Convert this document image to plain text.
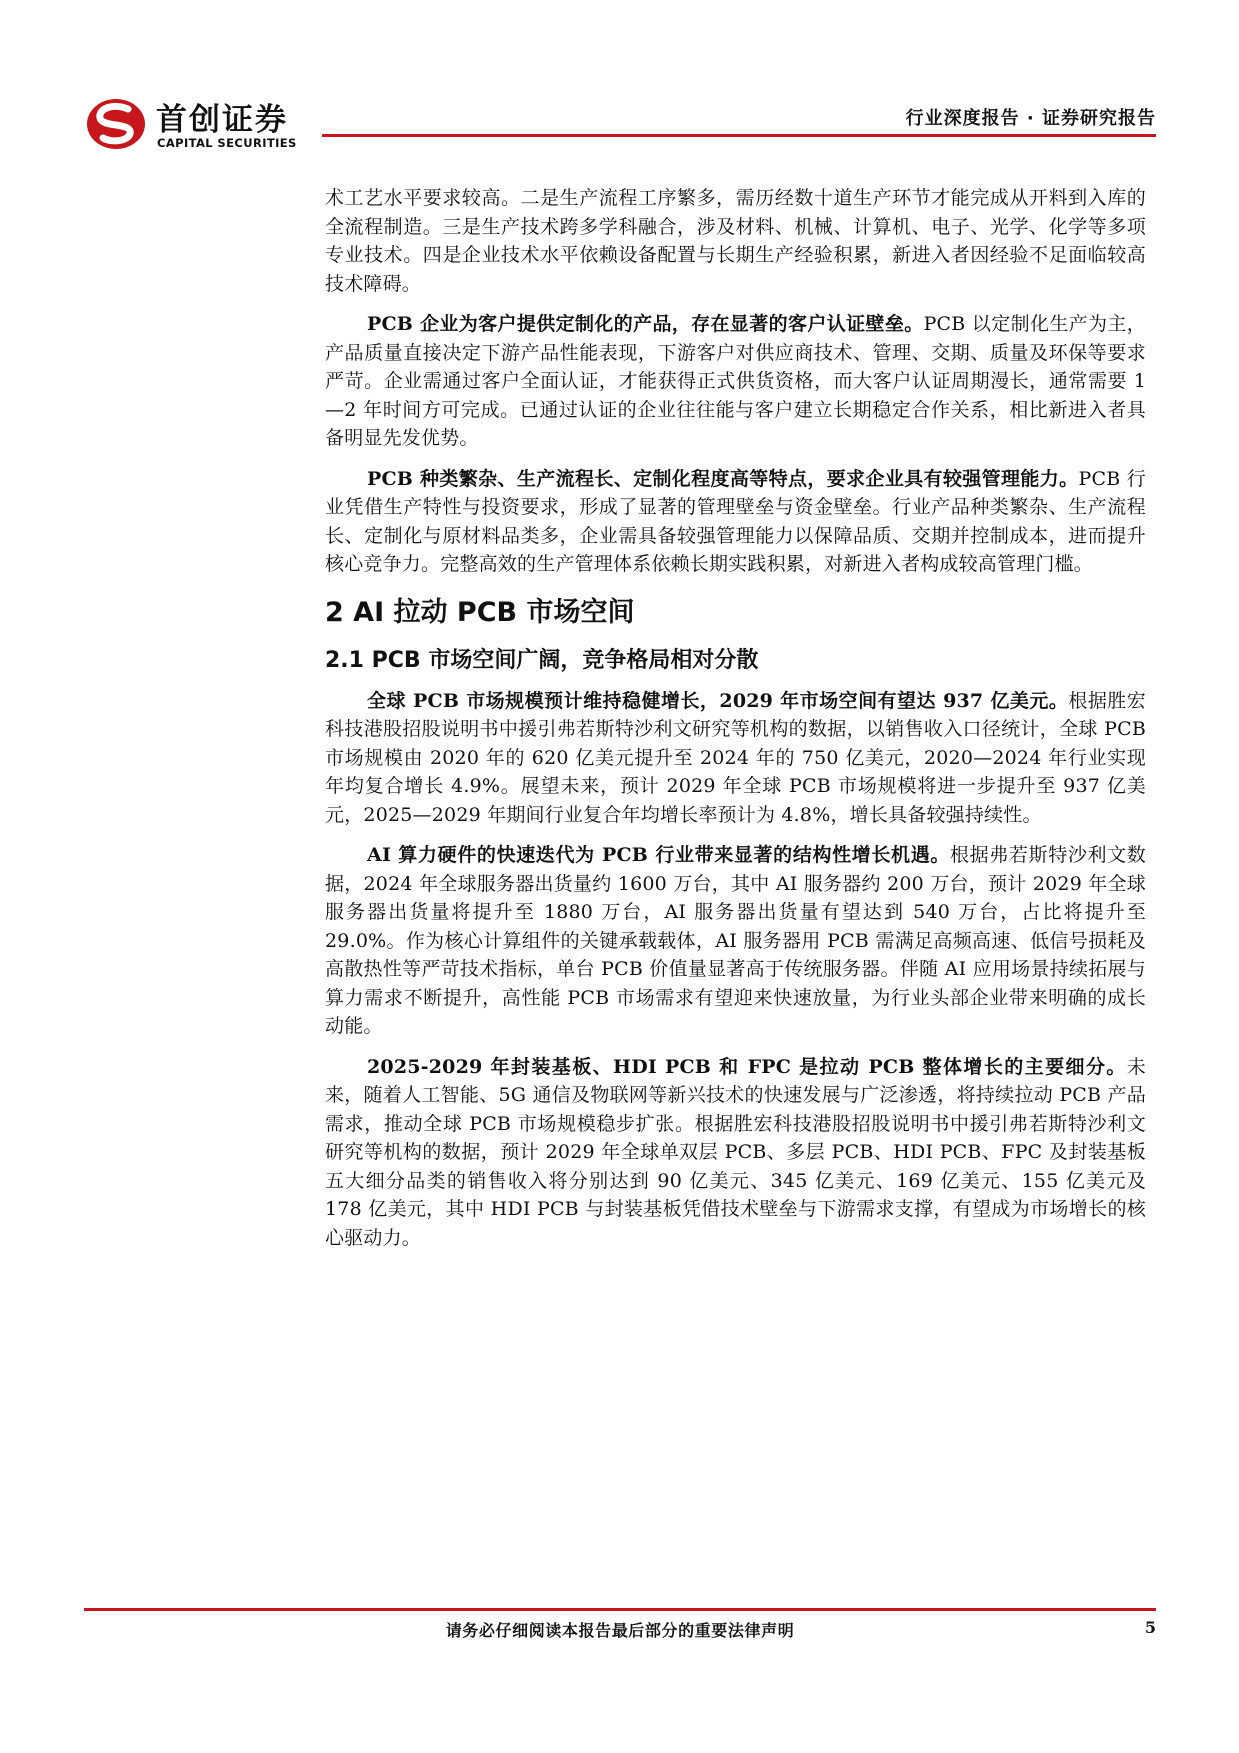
首创证券
CAPITAL SECURITIES
行业深度报告 · 证券研究报告

术工艺水平要求较高。二是生产流程工序繁多，需历经数十道生产环节才能完成从开料到入库的全流程制造。三是生产技术跨多学科融合，涉及材料、机械、计算机、电子、光学、化学等多项专业技术。四是企业技术水平依赖设备配置与长期生产经验积累，新进入者因经验不足面临较高技术障碍。

PCB 企业为客户提供定制化的产品，存在显著的客户认证壁垒。PCB 以定制化生产为主，产品质量直接决定下游产品性能表现，下游客户对供应商技术、管理、交期、质量及环保等要求严苛。企业需通过客户全面认证，才能获得正式供货资格，而大客户认证周期漫长，通常需要 1—2 年时间方可完成。已通过认证的企业往往能与客户建立长期稳定合作关系，相比新进入者具备明显先发优势。

PCB 种类繁杂、生产流程长、定制化程度高等特点，要求企业具有较强管理能力。PCB 行业凭借生产特性与投资要求，形成了显著的管理壁垒与资金壁垒。行业产品种类繁杂、生产流程长、定制化与原材料品类多，企业需具备较强管理能力以保障品质、交期并控制成本，进而提升核心竞争力。完整高效的生产管理体系依赖长期实践积累，对新进入者构成较高管理门槛。

2 AI 拉动 PCB 市场空间
2.1 PCB 市场空间广阔，竞争格局相对分散

全球 PCB 市场规模预计维持稳健增长，2029 年市场空间有望达 937 亿美元。根据胜宏科技港股招股说明书中援引弗若斯特沙利文研究等机构的数据，以销售收入口径统计，全球 PCB 市场规模由 2020 年的 620 亿美元提升至 2024 年的 750 亿美元，2020—2024 年行业实现年均复合增长 4.9%。展望未来，预计 2029 年全球 PCB 市场规模将进一步提升至 937 亿美元，2025—2029 年期间行业复合年均增长率预计为 4.8%，增长具备较强持续性。

AI 算力硬件的快速迭代为 PCB 行业带来显著的结构性增长机遇。根据弗若斯特沙利文数据，2024 年全球服务器出货量约 1600 万台，其中 AI 服务器约 200 万台，预计 2029 年全球服务器出货量将提升至 1880 万台，AI 服务器出货量有望达到 540 万台，占比将提升至 29.0%。作为核心计算组件的关键承载载体，AI 服务器用 PCB 需满足高频高速、低信号损耗及高散热性等严苛技术指标，单台 PCB 价值量显著高于传统服务器。伴随 AI 应用场景持续拓展与算力需求不断提升，高性能 PCB 市场需求有望迎来快速放量，为行业头部企业带来明确的成长动能。

2025-2029 年封装基板、HDI PCB 和 FPC 是拉动 PCB 整体增长的主要细分。未来，随着人工智能、5G 通信及物联网等新兴技术的快速发展与广泛渗透，将持续拉动 PCB 产品需求，推动全球 PCB 市场规模稳步扩张。根据胜宏科技港股招股说明书中援引弗若斯特沙利文研究等机构的数据，预计 2029 年全球单双层 PCB、多层 PCB、HDI PCB、FPC 及封装基板五大细分品类的销售收入将分别达到 90 亿美元、345 亿美元、169 亿美元、155 亿美元及 178 亿美元，其中 HDI PCB 与封装基板凭借技术壁垒与下游需求支撑，有望成为市场增长的核心驱动力。

请务必仔细阅读本报告最后部分的重要法律声明	5
